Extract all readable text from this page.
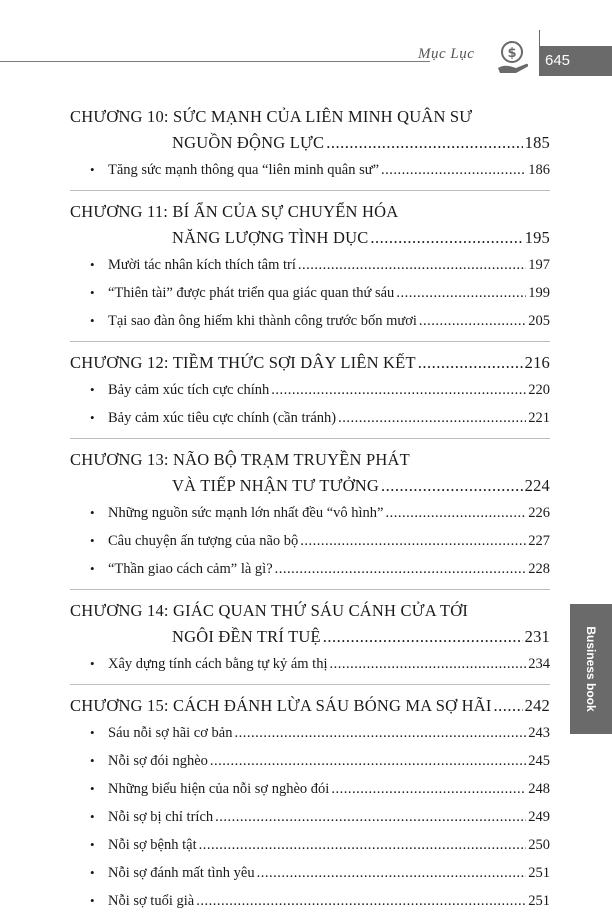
Mục Lục	$ 645
CHƯƠNG 10: SỨC MẠNH CỦA LIÊN MINH QUÂN SƯ
NGUỒN ĐỘNG LỰC .....	185
• Tăng sức mạnh thông qua “liên minh quân sư” .....	186
CHƯƠNG 11: BÍ ẨN CỦA SỰ CHUYỂN HÓA
NĂNG LƯỢNG TÌNH DỤC .....	195
• Mười tác nhân kích thích tâm trí .....	197
• “Thiên tài” được phát triển qua giác quan thứ sáu .....	199
• Tại sao đàn ông hiếm khi thành công trước bốn mươi .....	205
CHƯƠNG 12: TIỀM THỨC SỢI DÂY LIÊN KẾT .....	216
• Bảy cảm xúc tích cực chính .....	220
• Bảy cảm xúc tiêu cực chính (cần tránh) .....	221
CHƯƠNG 13: NÃO BỘ TRẠM TRUYỀN PHÁT
VÀ TIẾP NHẬN TƯ TƯỞNG .....	224
• Những nguồn sức mạnh lớn nhất đều “vô hình” .....	226
• Câu chuyện ấn tượng của não bộ .....	227
• “Thần giao cách cảm” là gì? .....	228
CHƯƠNG 14: GIÁC QUAN THỨ SÁU CÁNH CỬA TỚI
NGÔI ĐỀN TRÍ TUỆ .....	231
• Xây dựng tính cách bằng tự kỷ ám thị .....	234
CHƯƠNG 15: CÁCH ĐÁNH LỪA SÁU BÓNG MA SỢ HÃI ..... 242
• Sáu nỗi sợ hãi cơ bản .....	243
• Nỗi sợ đói nghèo .....	245
• Những biểu hiện của nỗi sợ nghèo đói .....	248
• Nỗi sợ bị chỉ trích .....	249
• Nỗi sợ bệnh tật .....	250
• Nỗi sợ đánh mất tình yêu .....	251
• Nỗi sợ tuổi già .....	251
Business book
